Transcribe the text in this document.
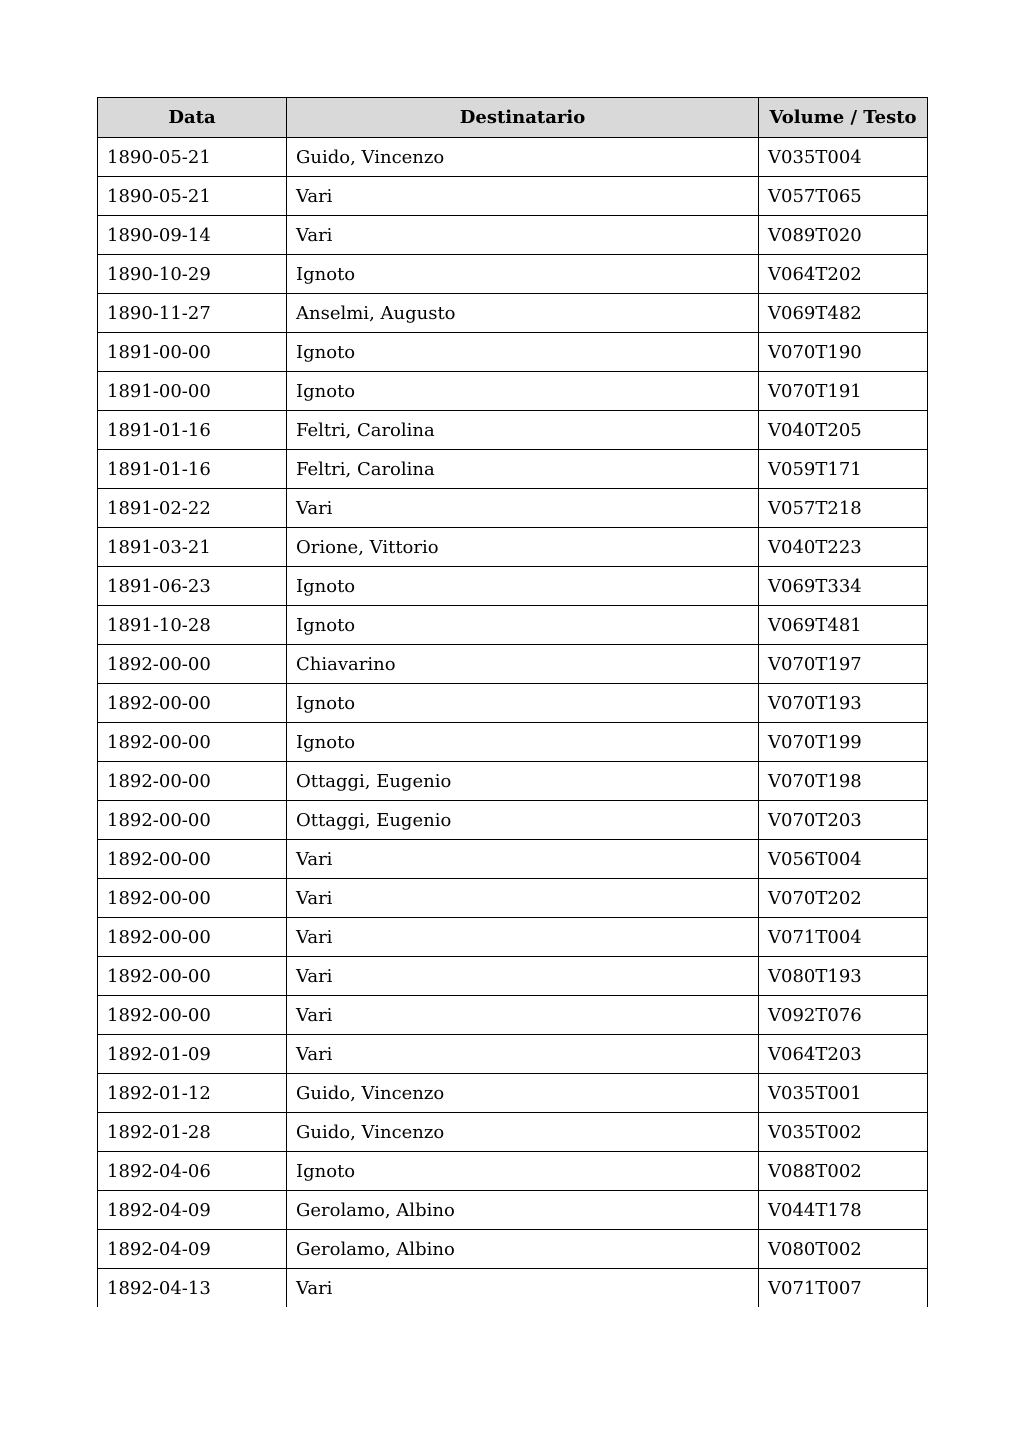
Data	Destinatario	Volume / Testo
1890-05-21	Guido, Vincenzo	V035T004
1890-05-21	Vari	V057T065
1890-09-14	Vari	V089T020
1890-10-29	Ignoto	V064T202
1890-11-27	Anselmi, Augusto	V069T482
1891-00-00	Ignoto	V070T190
1891-00-00	Ignoto	V070T191
1891-01-16	Feltri, Carolina	V040T205
1891-01-16	Feltri, Carolina	V059T171
1891-02-22	Vari	V057T218
1891-03-21	Orione, Vittorio	V040T223
1891-06-23	Ignoto	V069T334
1891-10-28	Ignoto	V069T481
1892-00-00	Chiavarino	V070T197
1892-00-00	Ignoto	V070T193
1892-00-00	Ignoto	V070T199
1892-00-00	Ottaggi, Eugenio	V070T198
1892-00-00	Ottaggi, Eugenio	V070T203
1892-00-00	Vari	V056T004
1892-00-00	Vari	V070T202
1892-00-00	Vari	V071T004
1892-00-00	Vari	V080T193
1892-00-00	Vari	V092T076
1892-01-09	Vari	V064T203
1892-01-12	Guido, Vincenzo	V035T001
1892-01-28	Guido, Vincenzo	V035T002
1892-04-06	Ignoto	V088T002
1892-04-09	Gerolamo, Albino	V044T178
1892-04-09	Gerolamo, Albino	V080T002
1892-04-13	Vari	V071T007
